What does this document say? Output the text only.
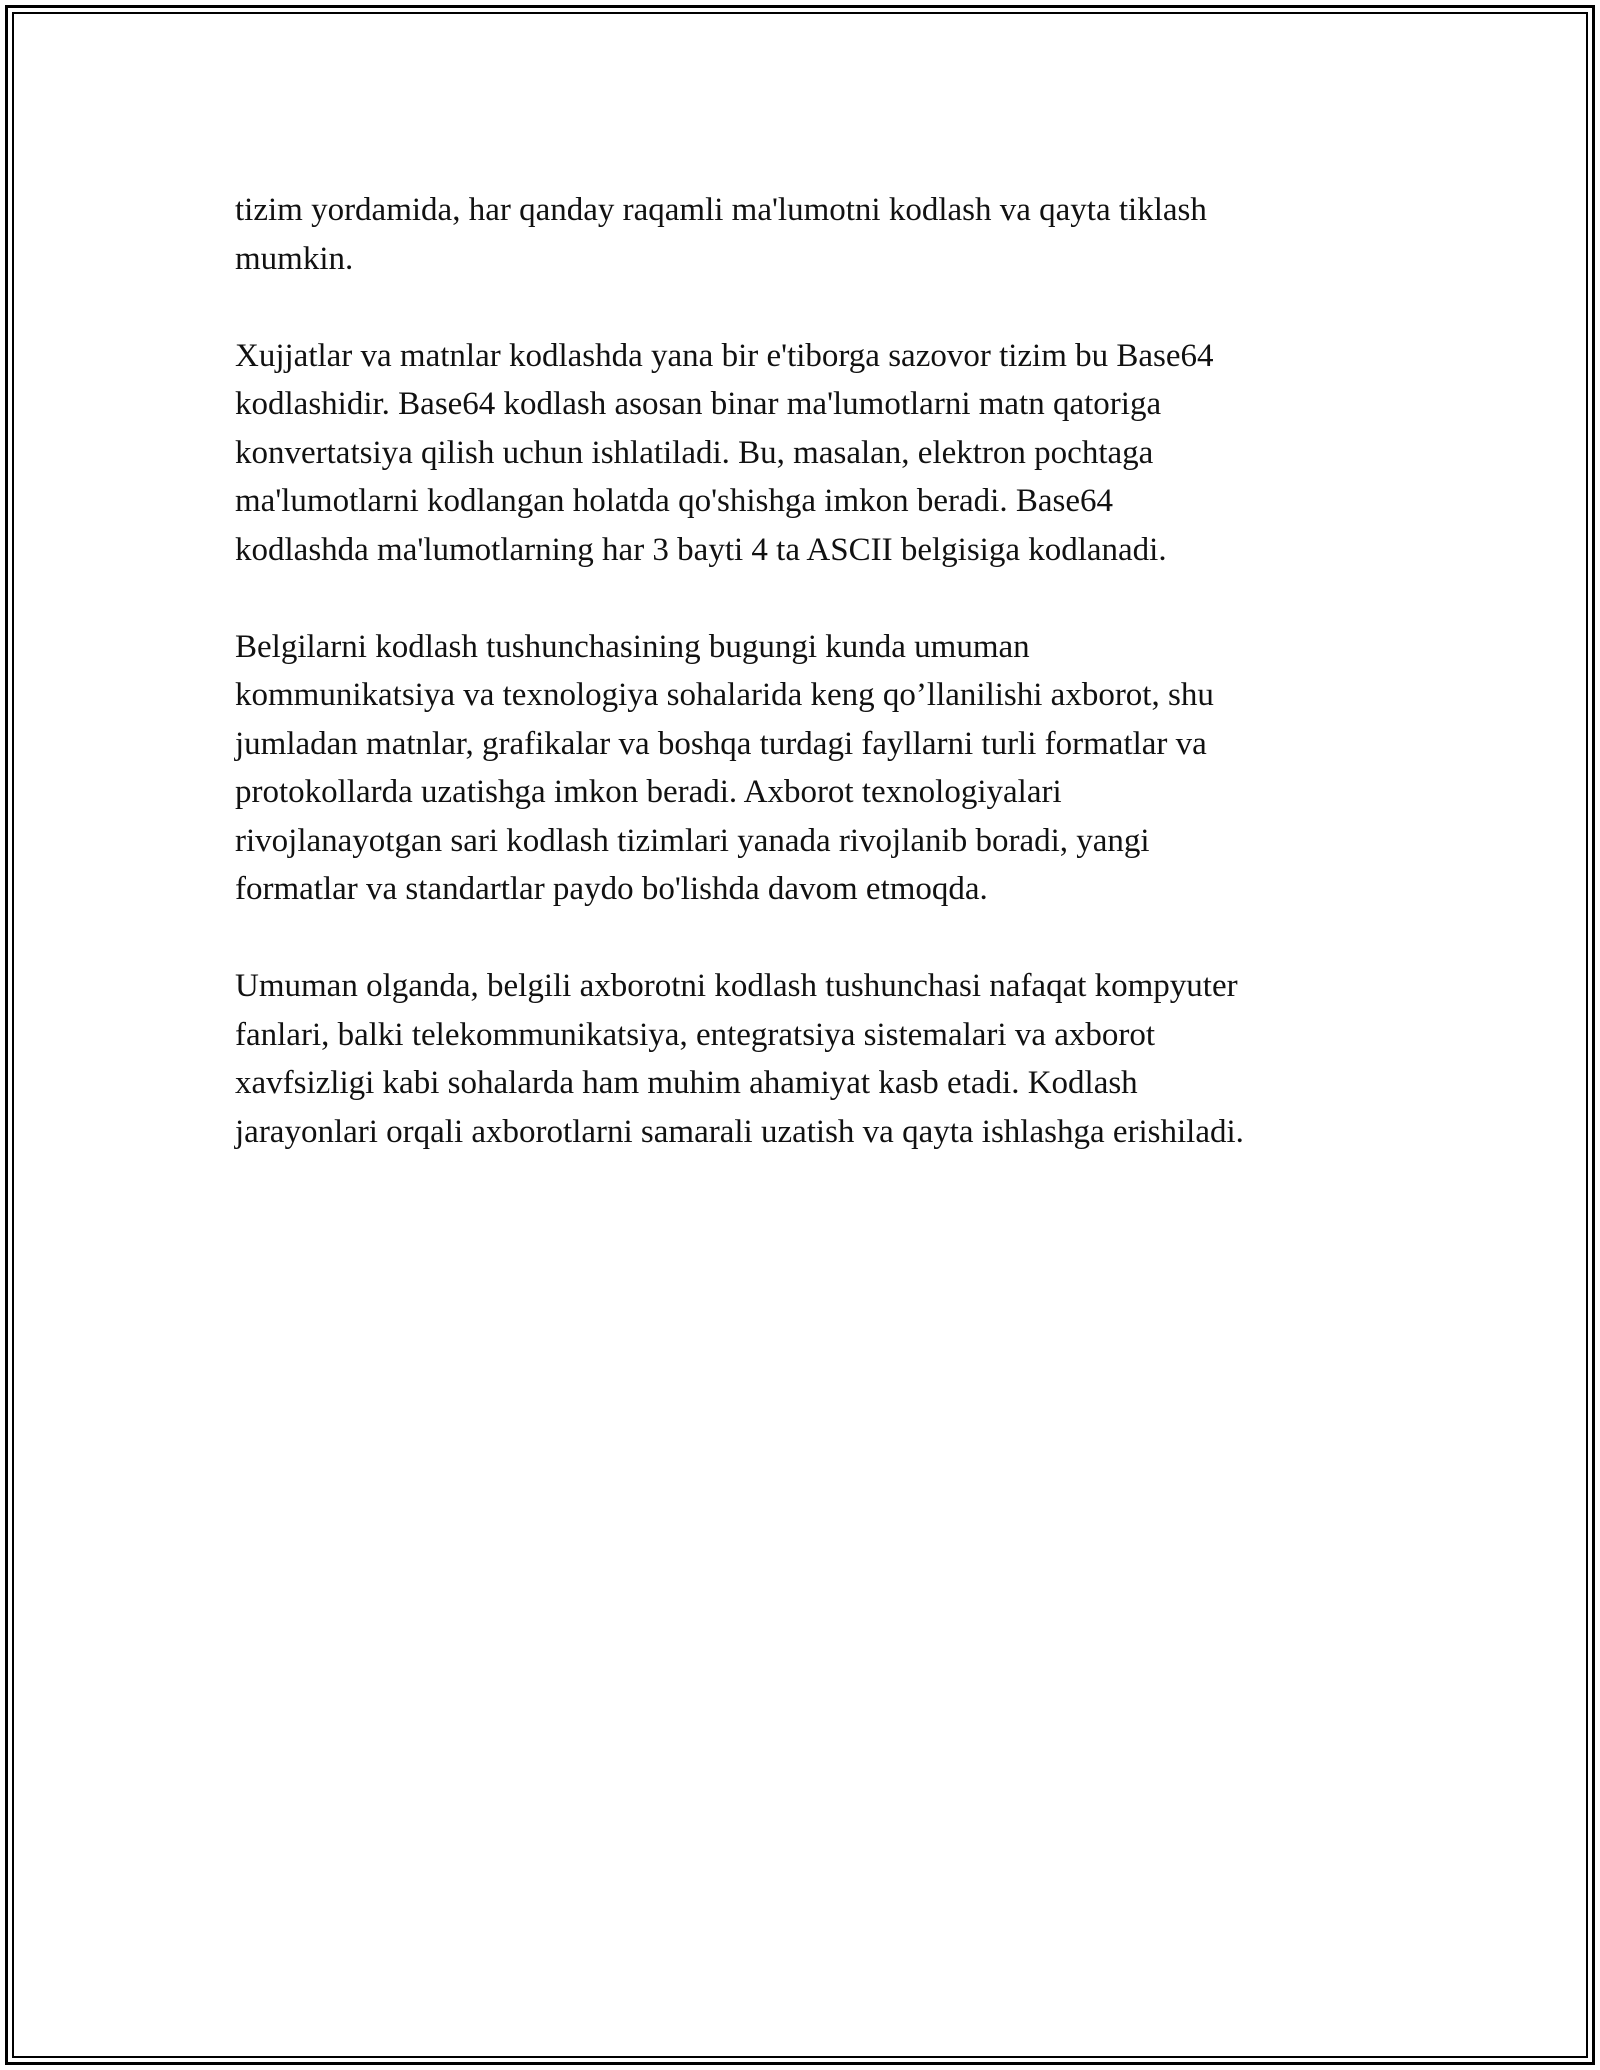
tizim yordamida, har qanday raqamli ma'lumotni kodlash va qayta tiklash
mumkin.

Xujjatlar va matnlar kodlashda yana bir e'tiborga sazovor tizim bu Base64
kodlashidir. Base64 kodlash asosan binar ma'lumotlarni matn qatoriga
konvertatsiya qilish uchun ishlatiladi. Bu, masalan, elektron pochtaga
ma'lumotlarni kodlangan holatda qo'shishga imkon beradi. Base64
kodlashda ma'lumotlarning har 3 bayti 4 ta ASCII belgisiga kodlanadi.

Belgilarni kodlash tushunchasining bugungi kunda umuman
kommunikatsiya va texnologiya sohalarida keng qo’llanilishi axborot, shu
jumladan matnlar, grafikalar va boshqa turdagi fayllarni turli formatlar va
protokollarda uzatishga imkon beradi. Axborot texnologiyalari
rivojlanayotgan sari kodlash tizimlari yanada rivojlanib boradi, yangi
formatlar va standartlar paydo bo'lishda davom etmoqda.

Umuman olganda, belgili axborotni kodlash tushunchasi nafaqat kompyuter
fanlari, balki telekommunikatsiya, entegratsiya sistemalari va axborot
xavfsizligi kabi sohalarda ham muhim ahamiyat kasb etadi. Kodlash
jarayonlari orqali axborotlarni samarali uzatish va qayta ishlashga erishiladi.
